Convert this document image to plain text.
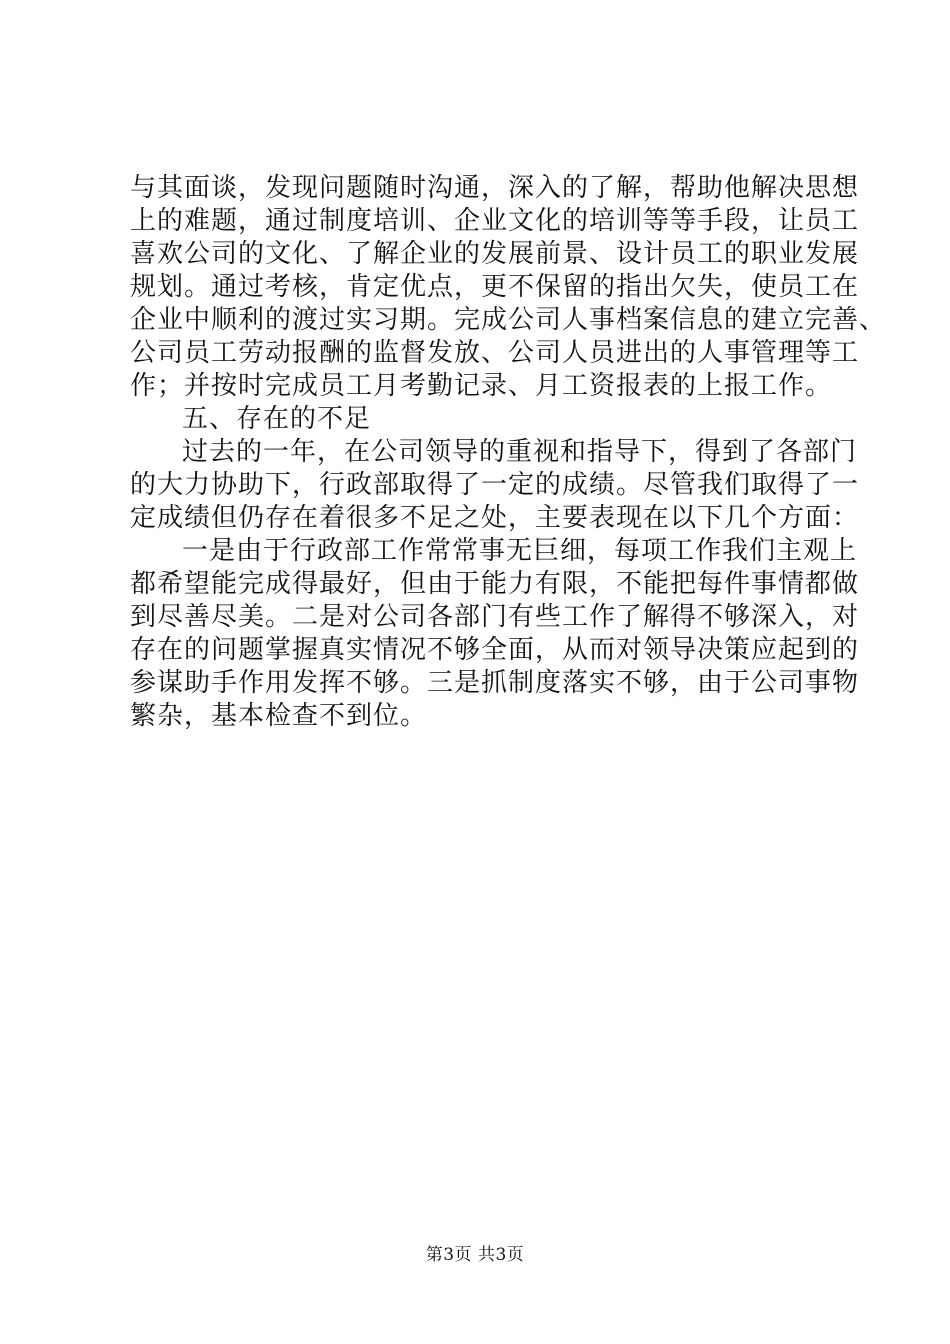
与其面谈，发现问题随时沟通，深入的了解，帮助他解决思想
上的难题，通过制度培训、企业文化的培训等等手段，让员工
喜欢公司的文化、了解企业的发展前景、设计员工的职业发展
规划。通过考核，肯定优点，更不保留的指出欠失，使员工在
企业中顺利的渡过实习期。完成公司人事档案信息的建立完善、
公司员工劳动报酬的监督发放、公司人员进出的人事管理等工
作；并按时完成员工月考勤记录、月工资报表的上报工作。
五、存在的不足
过去的一年，在公司领导的重视和指导下，得到了各部门
的大力协助下，行政部取得了一定的成绩。尽管我们取得了一
定成绩但仍存在着很多不足之处，主要表现在以下几个方面：
一是由于行政部工作常常事无巨细，每项工作我们主观上
都希望能完成得最好，但由于能力有限，不能把每件事情都做
到尽善尽美。二是对公司各部门有些工作了解得不够深入，对
存在的问题掌握真实情况不够全面，从而对领导决策应起到的
参谋助手作用发挥不够。三是抓制度落实不够，由于公司事物
繁杂，基本检查不到位。
第3页 共3页
